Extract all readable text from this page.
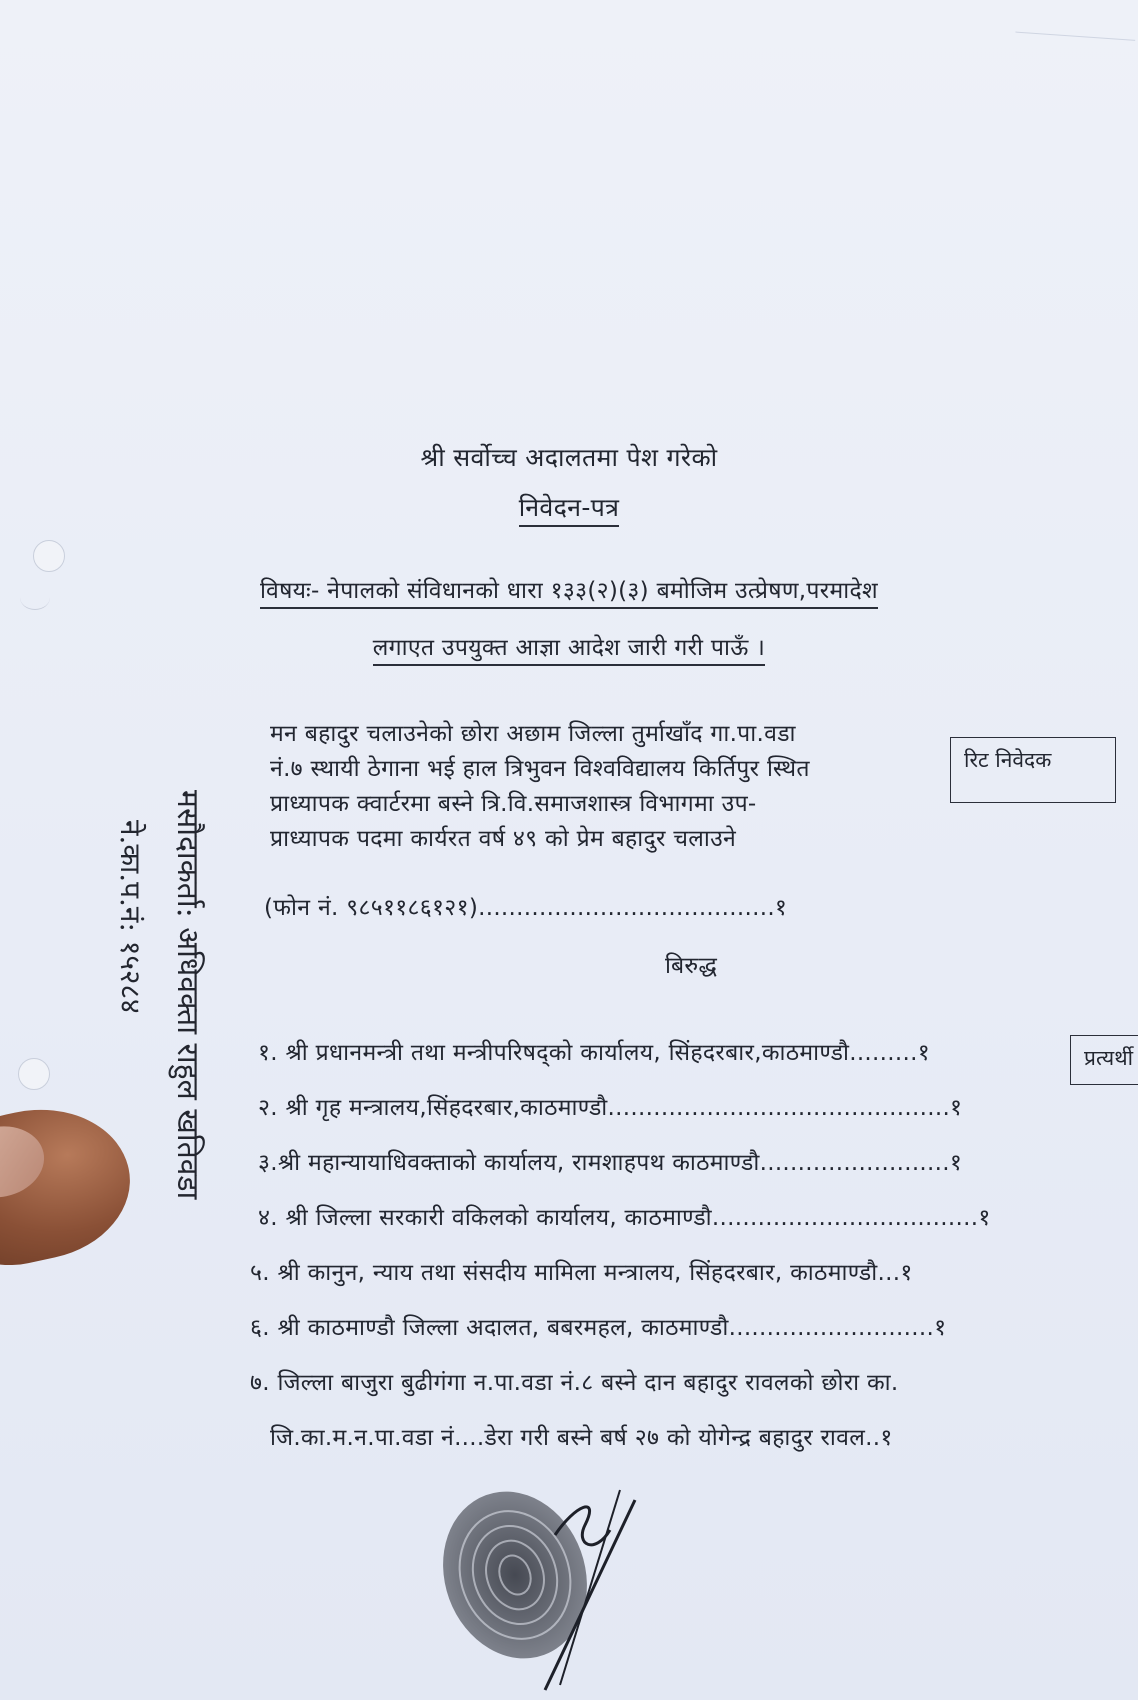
श्री सर्वोच्च अदालतमा पेश गरेको
निवेदन-पत्र
विषयः- नेपालको संविधानको धारा १३३(२)(३) बमोजिम उत्प्रेषण,परमादेश
लगाएत उपयुक्त आज्ञा आदेश जारी गरी पाऊँ ।
मन बहादुर चलाउनेको छोरा अछाम जिल्ला तुर्माखाँद गा.पा.वडा
नं.७ स्थायी ठेगाना भई हाल त्रिभुवन विश्वविद्यालय किर्तिपुर स्थित
प्राध्यापक क्वार्टरमा बस्ने त्रि.वि.समाजशास्त्र विभागमा उप-
प्राध्यापक पदमा कार्यरत वर्ष ४९ को प्रेम बहादुर चलाउने
(फोन नं. ९८५११८६१२१).......................................१
रिट निवेदक
बिरुद्ध
१. श्री प्रधानमन्त्री तथा मन्त्रीपरिषद्को कार्यालय, सिंहदरबार,काठमाण्डौ.........१
२. श्री गृह मन्त्रालय,सिंहदरबार,काठमाण्डौ.............................................१
३.श्री महान्यायाधिवक्ताको कार्यालय, रामशाहपथ काठमाण्डौ.........................१
४. श्री जिल्ला सरकारी वकिलको कार्यालय, काठमाण्डौ...................................१
५. श्री कानुन, न्याय तथा संसदीय मामिला मन्त्रालय, सिंहदरबार, काठमाण्डौ...१
६. श्री काठमाण्डौ जिल्ला अदालत, बबरमहल, काठमाण्डौ...........................१
७. जिल्ला बाजुरा बुढीगंगा न.पा.वडा नं.८ बस्ने दान बहादुर रावलको छोरा का.
जि.का.म.न.पा.वडा नं....डेरा गरी बस्ने बर्ष २७ को योगेन्द्र बहादुर रावल..१
प्रत्यर्थी
मसौदाकर्ता: अधिवक्ता राहुल खतिवडा
ने.का.प.नं: १५२८४
